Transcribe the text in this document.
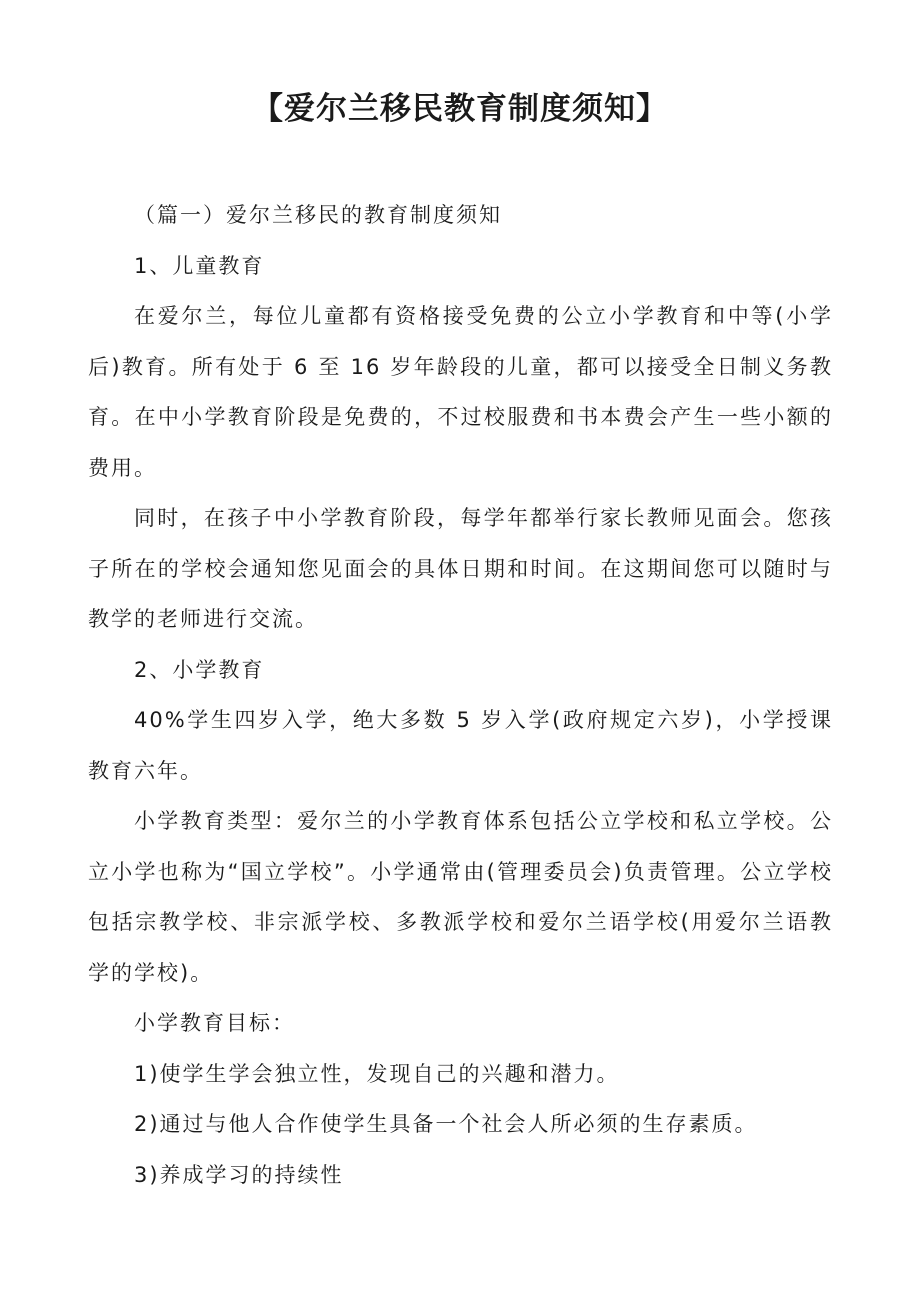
【爱尔兰移民教育制度须知】

（篇一）爱尔兰移民的教育制度须知

1、儿童教育

在爱尔兰，每位儿童都有资格接受免费的公立小学教育和中等(小学后)教育。所有处于 6 至 16 岁年龄段的儿童，都可以接受全日制义务教育。在中小学教育阶段是免费的，不过校服费和书本费会产生一些小额的费用。

同时，在孩子中小学教育阶段，每学年都举行家长教师见面会。您孩子所在的学校会通知您见面会的具体日期和时间。在这期间您可以随时与教学的老师进行交流。

2、小学教育

40%学生四岁入学，绝大多数 5 岁入学(政府规定六岁)，小学授课教育六年。

小学教育类型：爱尔兰的小学教育体系包括公立学校和私立学校。公立小学也称为“国立学校”。小学通常由(管理委员会)负责管理。公立学校包括宗教学校、非宗派学校、多教派学校和爱尔兰语学校(用爱尔兰语教学的学校)。

小学教育目标：

1)使学生学会独立性，发现自己的兴趣和潜力。

2)通过与他人合作使学生具备一个社会人所必须的生存素质。

3)养成学习的持续性
